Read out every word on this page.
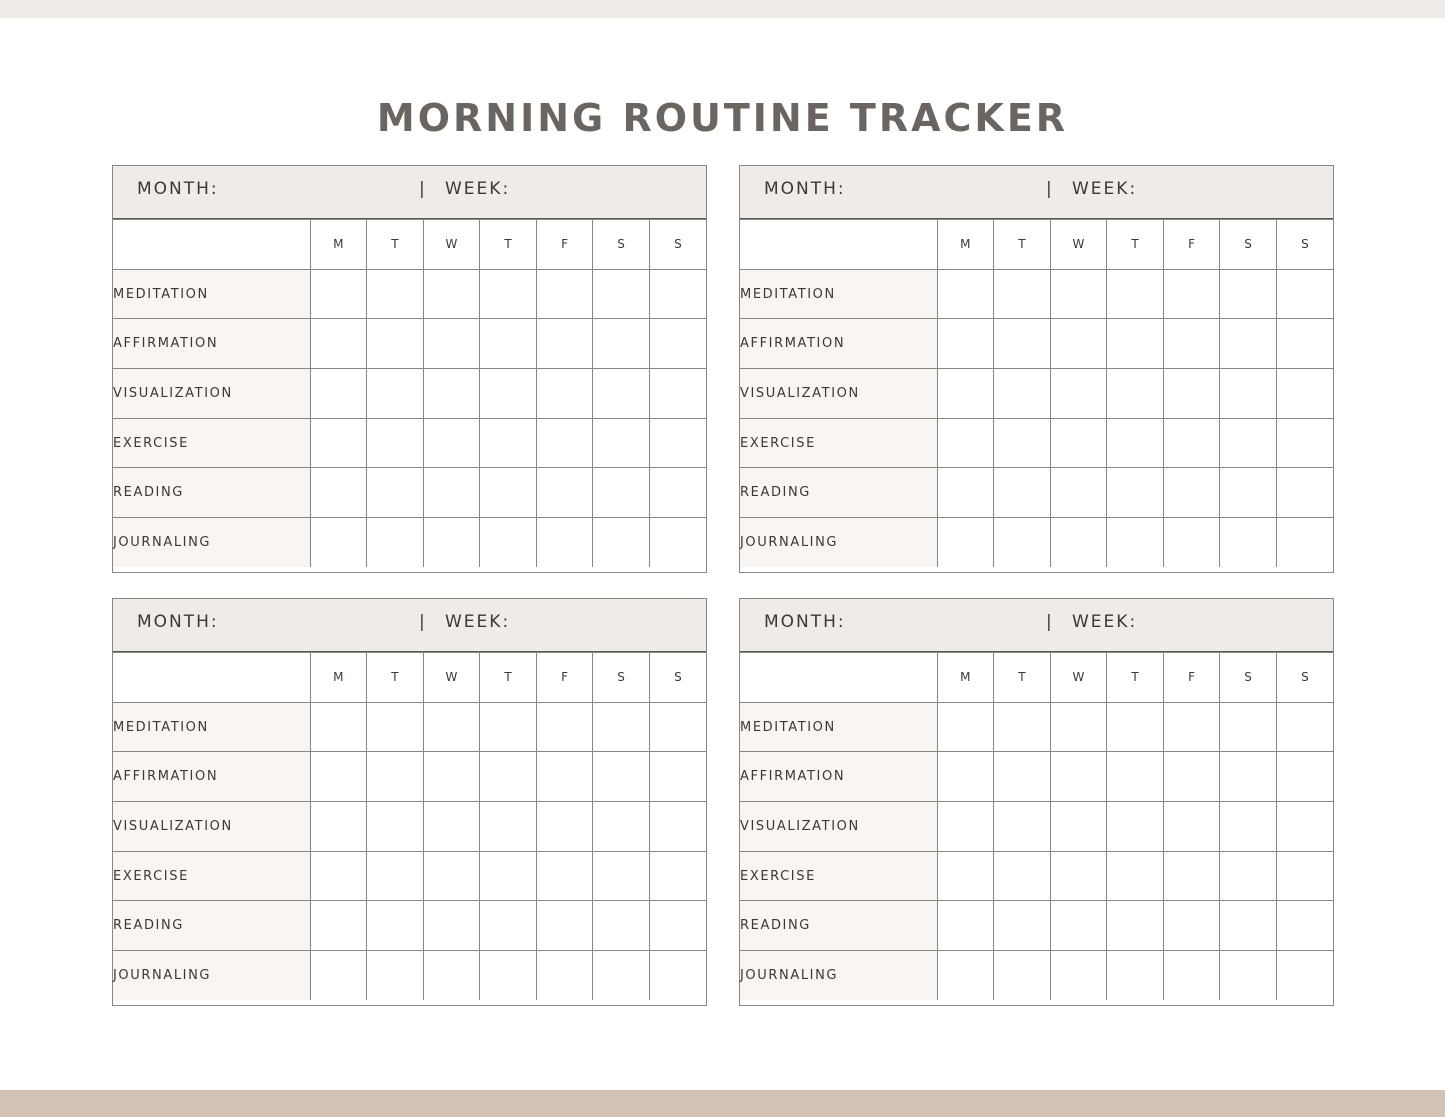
MORNING ROUTINE TRACKER
MONTH:	| WEEK:
	M	T	W	T	F	S	S
MEDITATION							
AFFIRMATION							
VISUALIZATION							
EXERCISE							
READING							
JOURNALING							
MONTH:	| WEEK:
	M	T	W	T	F	S	S
MEDITATION							
AFFIRMATION							
VISUALIZATION							
EXERCISE							
READING							
JOURNALING							
MONTH:	| WEEK:
	M	T	W	T	F	S	S
MEDITATION							
AFFIRMATION							
VISUALIZATION							
EXERCISE							
READING							
JOURNALING							
MONTH:	| WEEK:
	M	T	W	T	F	S	S
MEDITATION							
AFFIRMATION							
VISUALIZATION							
EXERCISE							
READING							
JOURNALING							
